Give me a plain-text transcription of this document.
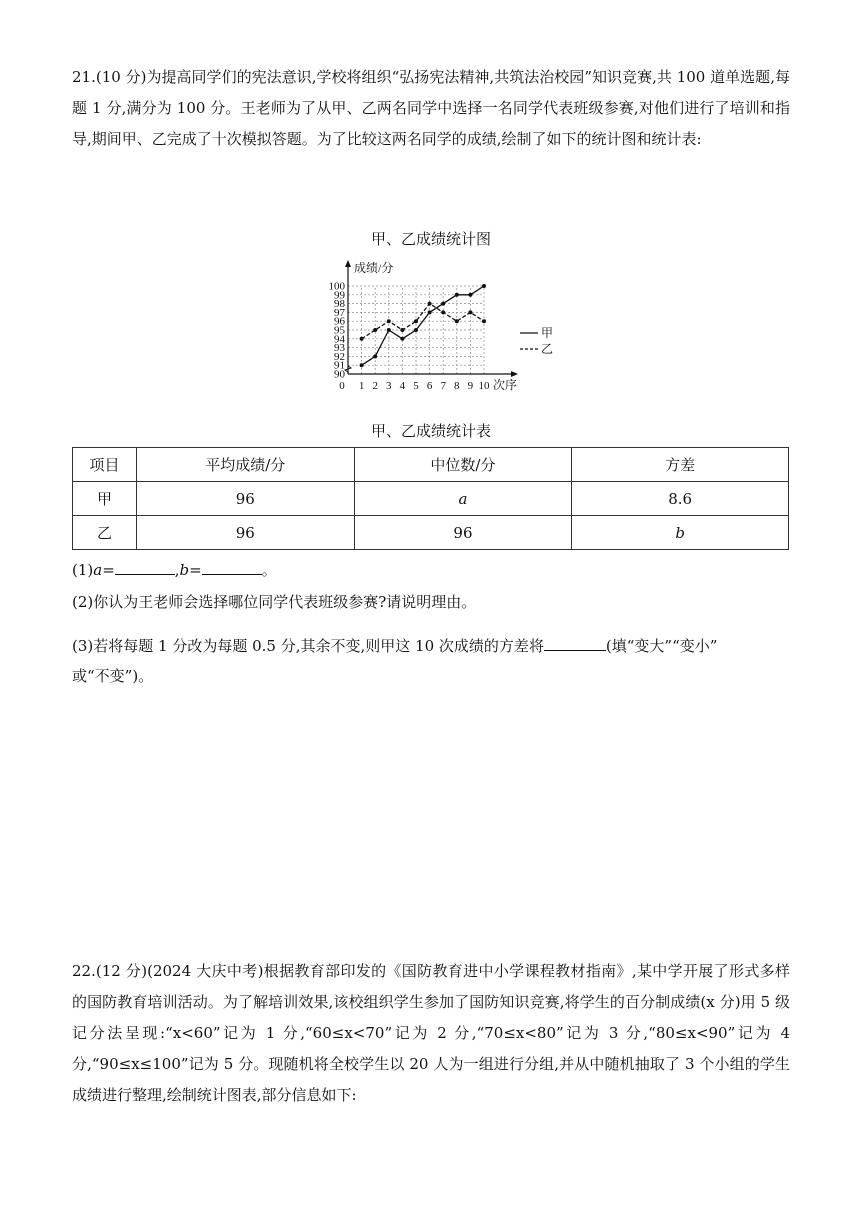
21.(10 分)为提高同学们的宪法意识,学校将组织“弘扬宪法精神,共筑法治校园”知识竞赛,共 100 道单选题,每题 1 分,满分为 100 分。王老师为了从甲、乙两名同学中选择一名同学代表班级参赛,对他们进行了培训和指导,期间甲、乙完成了十次模拟答题。为了比较这两名同学的成绩,绘制了如下的统计图和统计表:

甲、乙成绩统计图

90
91
92
93
94
95
96
97
98
99
100
0 1 2 3 4 5 6 7 8 9 10
成绩/分
次序
甲
乙

甲、乙成绩统计表

项目	平均成绩/分	中位数/分	方差
甲	96	a	8.6
乙	96	96	b

(1)a=	,b=	。

(2)你认为王老师会选择哪位同学代表班级参赛?请说明理由。

(3)若将每题 1 分改为每题 0.5 分,其余不变,则甲这 10 次成绩的方差将	(填“变大”“变小”
或“不变”)。

22.(12 分)(2024 大庆中考)根据教育部印发的《国防教育进中小学课程教材指南》,某中学开展了形式多样的国防教育培训活动。为了解培训效果,该校组织学生参加了国防知识竞赛,将学生的百分制成绩(x 分)用 5 级记分法呈现:“x<60”记为 1 分,“60≤x<70”记为 2 分,“70≤x<80”记为 3 分,“80≤x<90”记为 4 分,“90≤x≤100”记为 5 分。现随机将全校学生以 20 人为一组进行分组,并从中随机抽取了 3 个小组的学生成绩进行整理,绘制统计图表,部分信息如下:
